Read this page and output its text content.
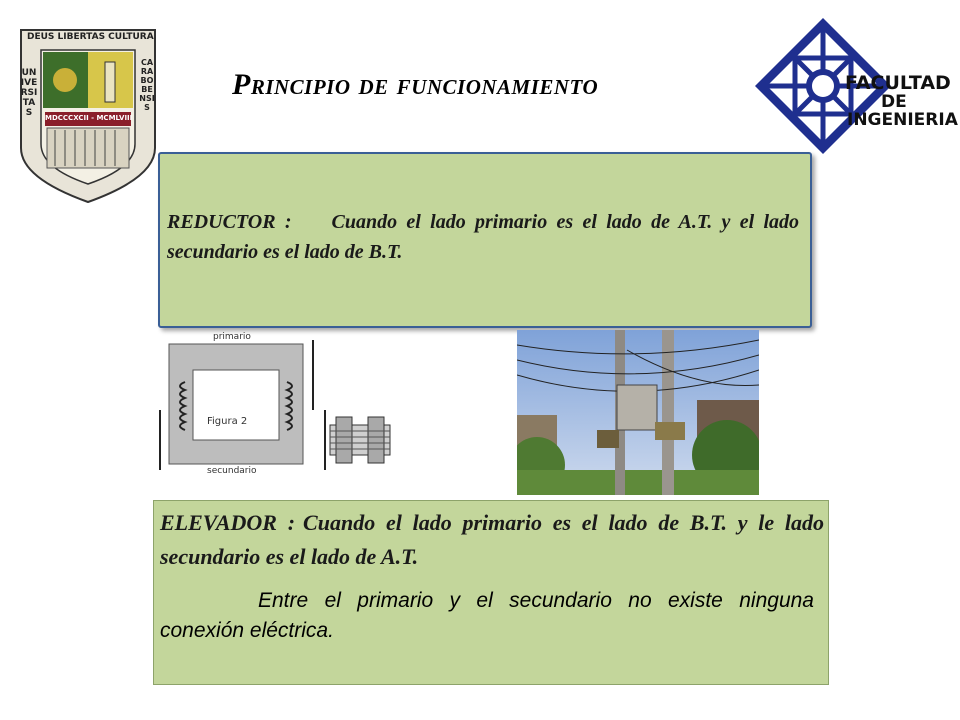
DEUS LIBERTAS CULTURA
UNIVERSITAS
CARABOBENSIS
MDCCCXCII - MCMLVIII
Principio de funcionamiento	FACULTAD
DE
INGENIERIA
REDUCTOR : Cuando el lado primario es el lado de A.T. y el lado secundario es el lado de B.T.
primario
Figura 2
secundario
ELEVADOR : Cuando el lado primario es el lado de B.T. y le lado secundario es el lado de A.T.
Entre el primario y el secundario no existe ninguna conexión eléctrica.
